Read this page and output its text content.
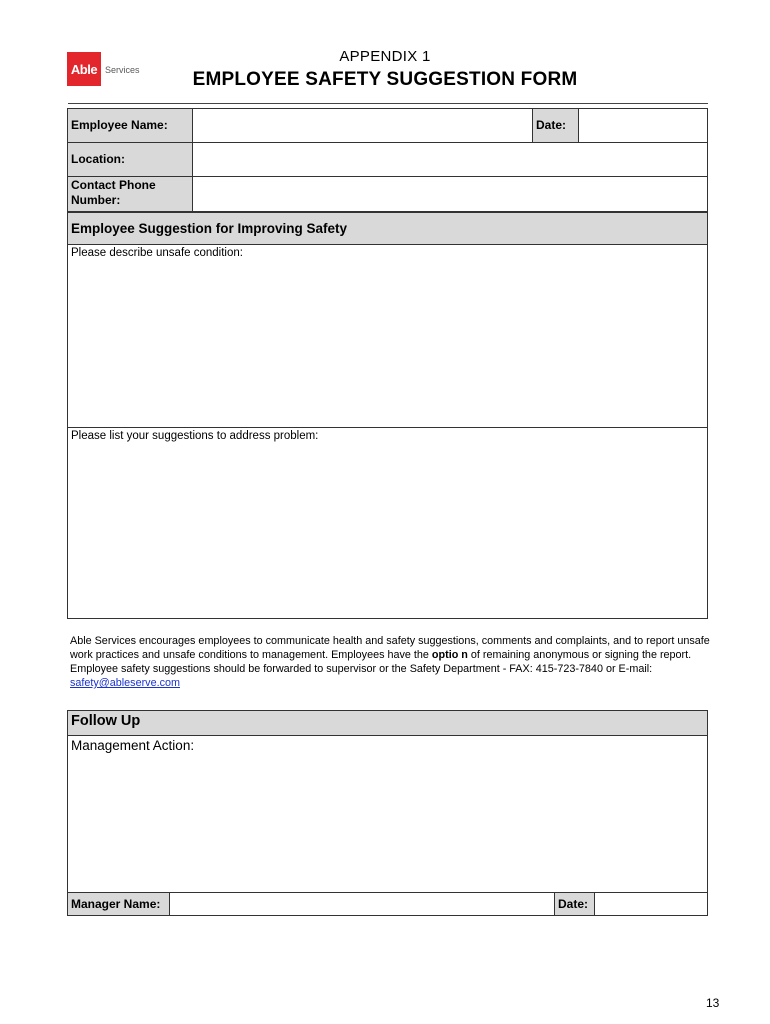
Able Services
APPENDIX 1
EMPLOYEE SAFETY SUGGESTION FORM
Employee Name:	Date:
Location:
Contact Phone
Number:
Employee Suggestion for Improving Safety
Please describe unsafe condition:
Please list your suggestions to address problem:
Able Services encourages employees to communicate health and safety suggestions, comments and complaints, and to report unsafe work practices and unsafe conditions to management. Employees have the optio n of remaining anonymous or signing the report. Employee safety suggestions should be forwarded to supervisor or the Safety Department - FAX: 415-723-7840 or E-mail: safety@ableserve.com
Follow Up
Management Action:
Manager Name:	Date:
13
